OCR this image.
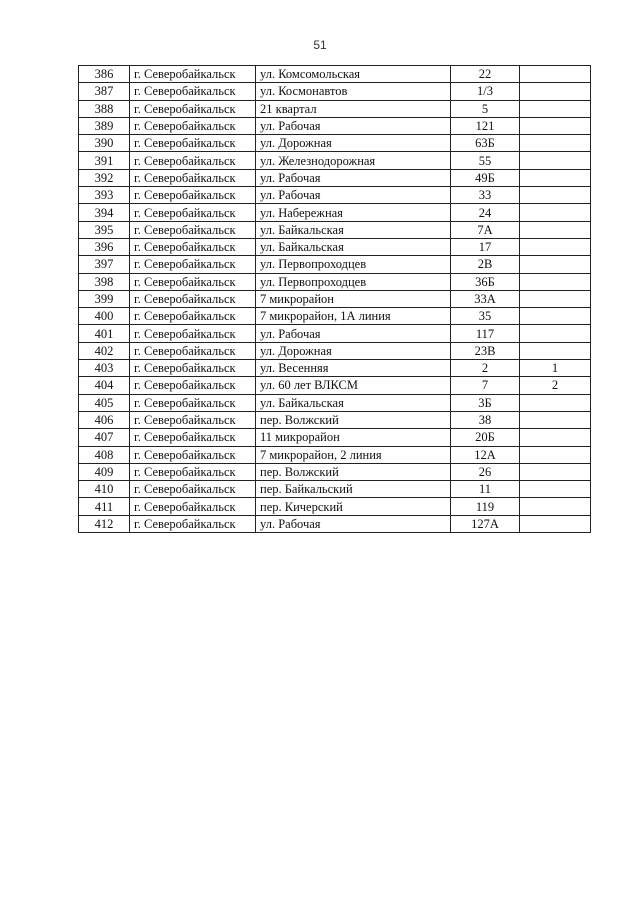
51
386	г. Северобайкальск	ул. Комсомольская	22	
387	г. Северобайкальск	ул. Космонавтов	1/3	
388	г. Северобайкальск	21 квартал	5	
389	г. Северобайкальск	ул. Рабочая	121	
390	г. Северобайкальск	ул. Дорожная	63Б	
391	г. Северобайкальск	ул. Железнодорожная	55	
392	г. Северобайкальск	ул. Рабочая	49Б	
393	г. Северобайкальск	ул. Рабочая	33	
394	г. Северобайкальск	ул. Набережная	24	
395	г. Северобайкальск	ул. Байкальская	7А	
396	г. Северобайкальск	ул. Байкальская	17	
397	г. Северобайкальск	ул. Первопроходцев	2В	
398	г. Северобайкальск	ул. Первопроходцев	36Б	
399	г. Северобайкальск	7 микрорайон	33А	
400	г. Северобайкальск	7 микрорайон, 1А линия	35	
401	г. Северобайкальск	ул. Рабочая	117	
402	г. Северобайкальск	ул. Дорожная	23В	
403	г. Северобайкальск	ул. Весенняя	2	1
404	г. Северобайкальск	ул. 60 лет ВЛКСМ	7	2
405	г. Северобайкальск	ул. Байкальская	3Б	
406	г. Северобайкальск	пер. Волжский	38	
407	г. Северобайкальск	11 микрорайон	20Б	
408	г. Северобайкальск	7 микрорайон, 2 линия	12А	
409	г. Северобайкальск	пер. Волжский	26	
410	г. Северобайкальск	пер. Байкальский	11	
411	г. Северобайкальск	пер. Кичерский	119	
412	г. Северобайкальск	ул. Рабочая	127А	
